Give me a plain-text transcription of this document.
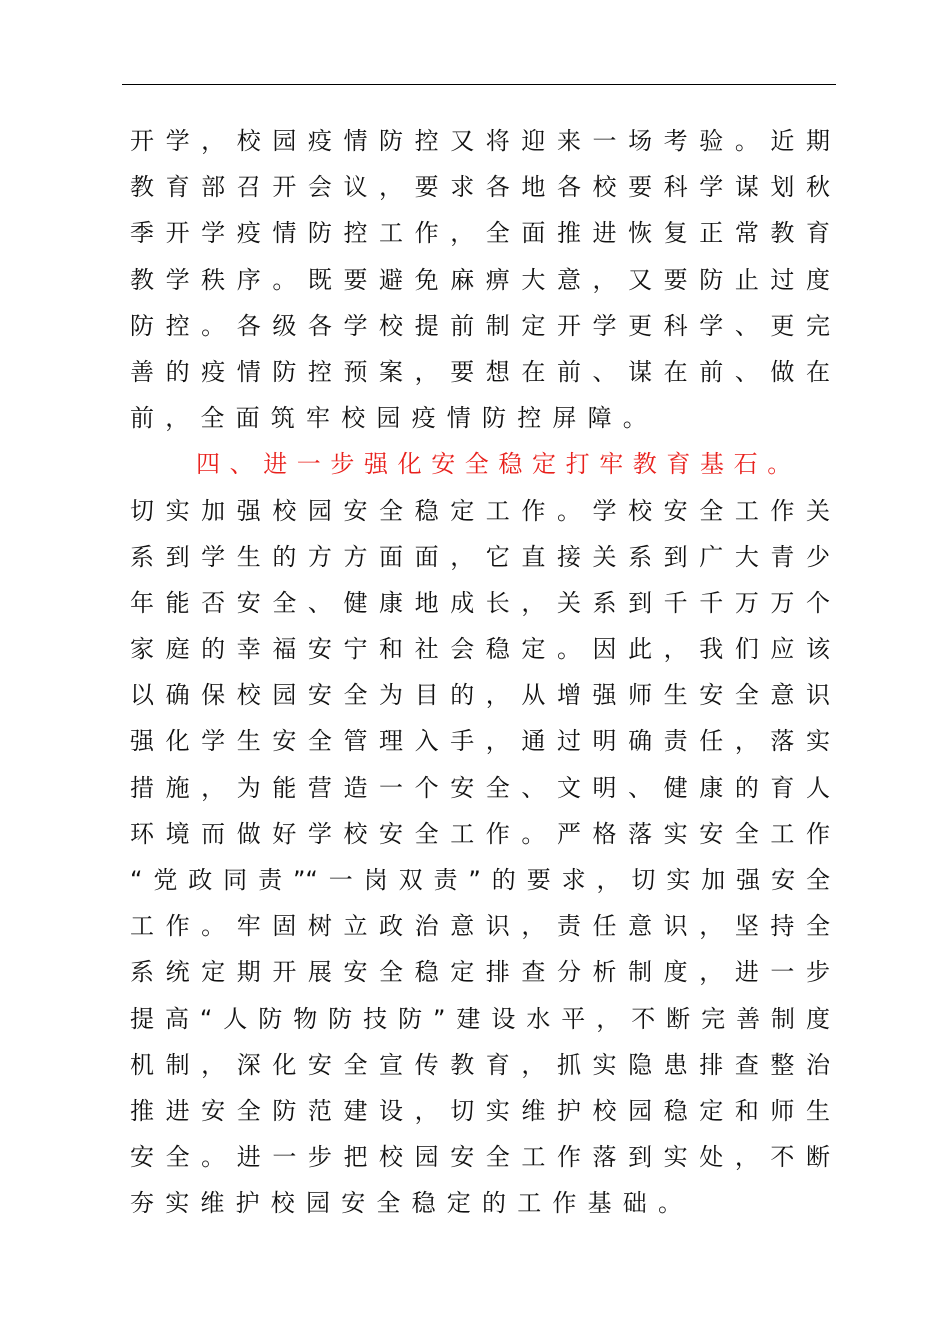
开学，校园疫情防控又将迎来一场考验。近期
教育部召开会议，要求各地各校要科学谋划秋
季开学疫情防控工作，全面推进恢复正常教育
教学秩序。既要避免麻痹大意，又要防止过度
防控。各级各学校提前制定开学更科学、更完
善的疫情防控预案，要想在前、谋在前、做在
前，全面筑牢校园疫情防控屏障。
四、进一步强化安全稳定打牢教育基石。
切实加强校园安全稳定工作。学校安全工作关
系到学生的方方面面，它直接关系到广大青少
年能否安全、健康地成长，关系到千千万万个
家庭的幸福安宁和社会稳定。因此，我们应该
以确保校园安全为目的，从增强师生安全意识
强化学生安全管理入手，通过明确责任，落实
措施，为能营造一个安全、文明、健康的育人
环境而做好学校安全工作。严格落实安全工作
“党政同责”“一岗双责”的要求，切实加强安全
工作。牢固树立政治意识，责任意识，坚持全
系统定期开展安全稳定排查分析制度，进一步
提高“人防物防技防”建设水平，不断完善制度
机制，深化安全宣传教育，抓实隐患排查整治
推进安全防范建设，切实维护校园稳定和师生
安全。进一步把校园安全工作落到实处，不断
夯实维护校园安全稳定的工作基础。
